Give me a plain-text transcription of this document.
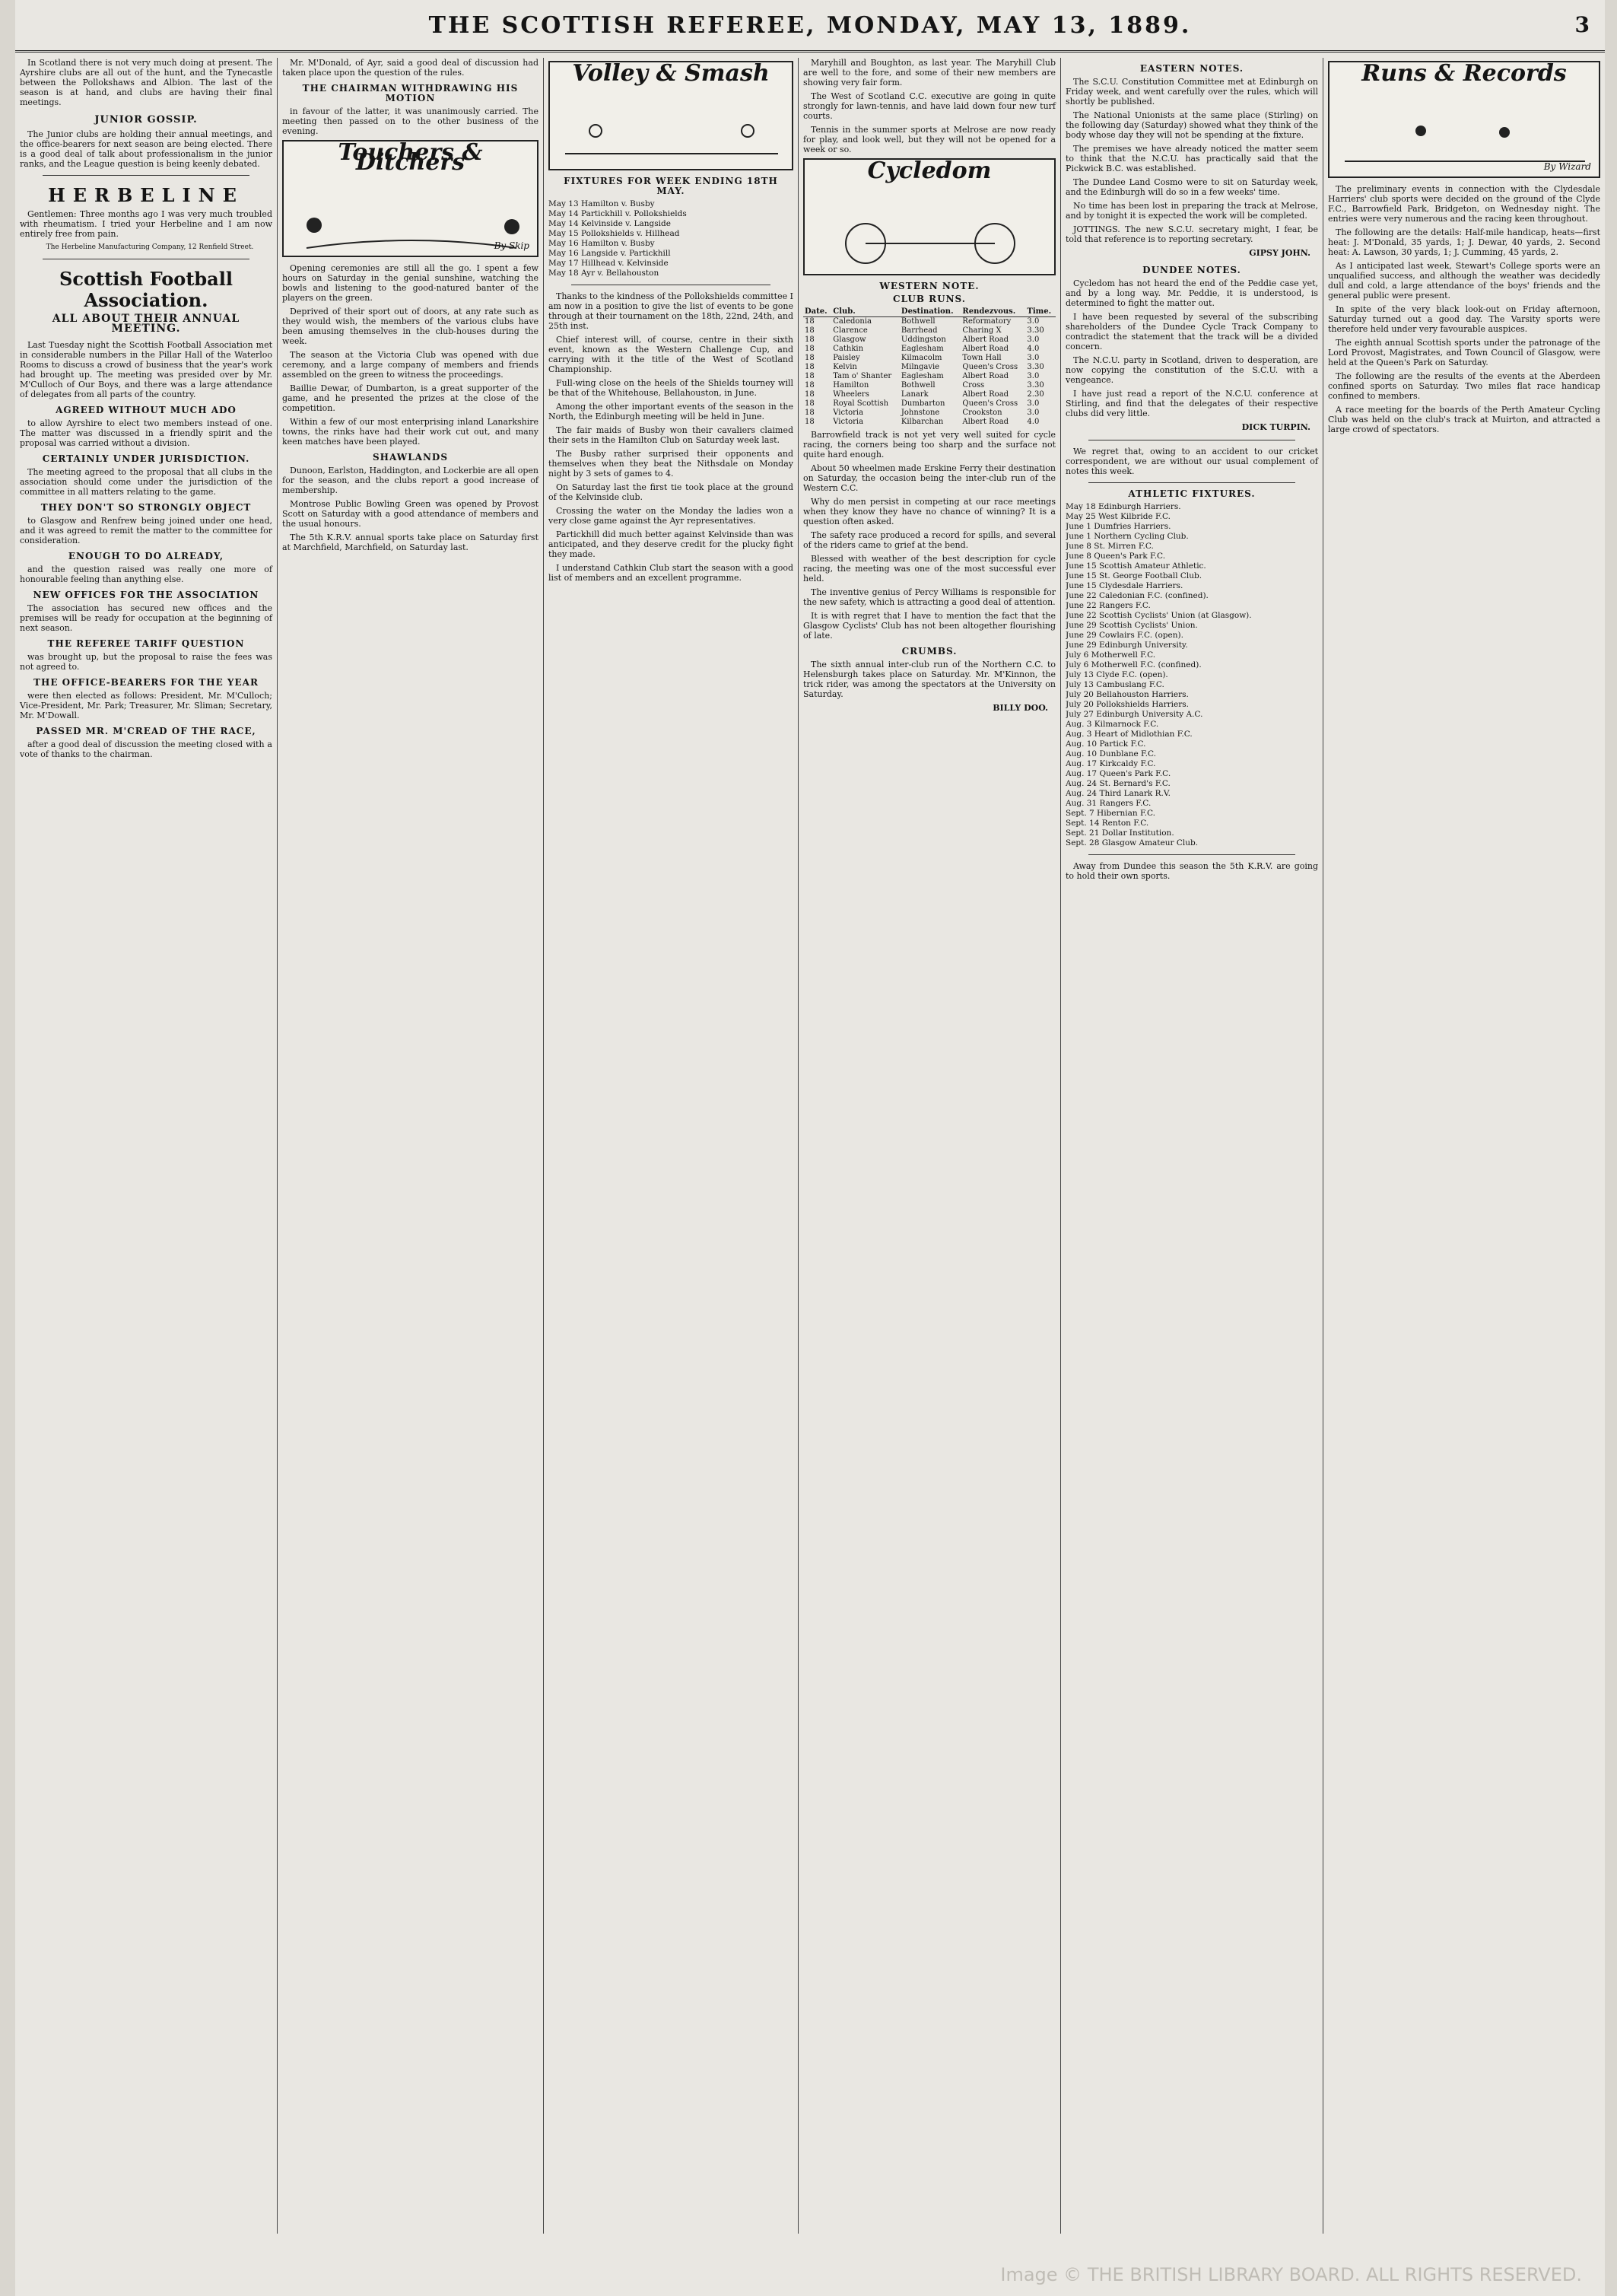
THE SCOTTISH REFEREE, MONDAY, MAY 13, 1889.	3

In Scotland there is not very much doing at present. The Ayrshire clubs are all out of the hunt, and the Tynecastle between the Pollokshaws and Albion. The last of the season is at hand, and clubs are having their final meetings.

JUNIOR GOSSIP.

The Junior clubs are holding their annual meetings, and the office-bearers for next season are being elected. There is a good deal of talk about professionalism in the junior ranks, and the League question is being keenly debated.

HERBELINE

Gentlemen: Three months ago I was very much troubled with rheumatism. I tried your Herbeline and I am now entirely free from pain.

The Herbeline Manufacturing Company, 12 Renfield Street.

Scottish Football Association.
ALL ABOUT THEIR ANNUAL MEETING.

Last Tuesday night the Scottish Football Association met in considerable numbers in the Pillar Hall of the Waterloo Rooms to discuss a crowd of business that the year's work had brought up. The meeting was presided over by Mr. M'Culloch of Our Boys, and there was a large attendance of delegates from all parts of the country.

AGREED WITHOUT MUCH ADO

to allow Ayrshire to elect two members instead of one. The matter was discussed in a friendly spirit and the proposal was carried without a division.

CERTAINLY UNDER JURISDICTION.

The meeting agreed to the proposal that all clubs in the association should come under the jurisdiction of the committee in all matters relating to the game.

THEY DON'T SO STRONGLY OBJECT

to Glasgow and Renfrew being joined under one head, and it was agreed to remit the matter to the committee for consideration.

ENOUGH TO DO ALREADY,

and the question raised was really one more of honourable feeling than anything else.

NEW OFFICES FOR THE ASSOCIATION

The association has secured new offices and the premises will be ready for occupation at the beginning of next season.

THE REFEREE TARIFF QUESTION

was brought up, but the proposal to raise the fees was not agreed to.

THE OFFICE-BEARERS FOR THE YEAR

were then elected as follows: President, Mr. M'Culloch; Vice-President, Mr. Park; Treasurer, Mr. Sliman; Secretary, Mr. M'Dowall.

PASSED MR. M'CREAD OF THE RACE,

after a good deal of discussion the meeting closed with a vote of thanks to the chairman.

Mr. M'Donald, of Ayr, said a good deal of discussion had taken place upon the question of the rules.

THE CHAIRMAN WITHDRAWING HIS MOTION

in favour of the latter, it was unanimously carried. The meeting then passed on to the other business of the evening.

Touchers & Ditchers
By Skip

Opening ceremonies are still all the go. I spent a few hours on Saturday in the genial sunshine, watching the bowls and listening to the good-natured banter of the players on the green.

Deprived of their sport out of doors, at any rate such as they would wish, the members of the various clubs have been amusing themselves in the club-houses during the week.

The season at the Victoria Club was opened with due ceremony, and a large company of members and friends assembled on the green to witness the proceedings.

Baillie Dewar, of Dumbarton, is a great supporter of the game, and he presented the prizes at the close of the competition.

Within a few of our most enterprising inland Lanarkshire towns, the rinks have had their work cut out, and many keen matches have been played.

SHAWLANDS

Dunoon, Earlston, Haddington, and Lockerbie are all open for the season, and the clubs report a good increase of membership.

Montrose Public Bowling Green was opened by Provost Scott on Saturday with a good attendance of members and the usual honours.

The 5th K.R.V. annual sports take place on Saturday first at Marchfield, Marchfield, on Saturday last.

Volley & Smash
FIXTURES FOR WEEK ENDING 18TH MAY.
May 13 Hamilton v. Busby
May 14 Partickhill v. Pollokshields
May 14 Kelvinside v. Langside
May 15 Pollokshields v. Hillhead
May 16 Hamilton v. Busby
May 16 Langside v. Partickhill
May 17 Hillhead v. Kelvinside
May 18 Ayr v. Bellahouston

Thanks to the kindness of the Pollokshields committee I am now in a position to give the list of events to be gone through at their tournament on the 18th, 22nd, 24th, and 25th inst.

Chief interest will, of course, centre in their sixth event, known as the Western Challenge Cup, and carrying with it the title of the West of Scotland Championship.

Full-wing close on the heels of the Shields tourney will be that of the Whitehouse, Bellahouston, in June.

Among the other important events of the season in the North, the Edinburgh meeting will be held in June.

The fair maids of Busby won their cavaliers claimed their sets in the Hamilton Club on Saturday week last.

The Busby rather surprised their opponents and themselves when they beat the Nithsdale on Monday night by 3 sets of games to 4.

On Saturday last the first tie took place at the ground of the Kelvinside club.

Crossing the water on the Monday the ladies won a very close game against the Ayr representatives.

Partickhill did much better against Kelvinside than was anticipated, and they deserve credit for the plucky fight they made.

I understand Cathkin Club start the season with a good list of members and an excellent programme.

Maryhill and Boughton, as last year. The Maryhill Club are well to the fore, and some of their new members are showing very fair form.

The West of Scotland C.C. executive are going in quite strongly for lawn-tennis, and have laid down four new turf courts.

Tennis in the summer sports at Melrose are now ready for play, and look well, but they will not be opened for a week or so.

Cycledom
WESTERN NOTE.
CLUB RUNS.
Date.	Club.	Destination.	Rendezvous.	Time.
18	Caledonia	Bothwell	Reformatory	3.0
18	Clarence	Barrhead	Charing X	3.30
18	Glasgow	Uddingston	Albert Road	3.0
18	Cathkin	Eaglesham	Albert Road	4.0
18	Paisley	Kilmacolm	Town Hall	3.0
18	Kelvin	Milngavie	Queen's Cross	3.30
18	Tam o' Shanter	Eaglesham	Albert Road	3.0
18	Hamilton	Bothwell	Cross	3.30
18	Wheelers	Lanark	Albert Road	2.30
18	Royal Scottish	Dumbarton	Queen's Cross	3.0
18	Victoria	Johnstone	Crookston	3.0
18	Victoria	Kilbarchan	Albert Road	4.0

Barrowfield track is not yet very well suited for cycle racing, the corners being too sharp and the surface not quite hard enough.

About 50 wheelmen made Erskine Ferry their destination on Saturday, the occasion being the inter-club run of the Western C.C.

Why do men persist in competing at our race meetings when they know they have no chance of winning? It is a question often asked.

The safety race produced a record for spills, and several of the riders came to grief at the bend.

Blessed with weather of the best description for cycle racing, the meeting was one of the most successful ever held.

The inventive genius of Percy Williams is responsible for the new safety, which is attracting a good deal of attention.

It is with regret that I have to mention the fact that the Glasgow Cyclists' Club has not been altogether flourishing of late.

CRUMBS.

The sixth annual inter-club run of the Northern C.C. to Helensburgh takes place on Saturday. Mr. M'Kinnon, the trick rider, was among the spectators at the University on Saturday.

BILLY DOO.
EASTERN NOTES.

The S.C.U. Constitution Committee met at Edinburgh on Friday week, and went carefully over the rules, which will shortly be published.

The National Unionists at the same place (Stirling) on the following day (Saturday) showed what they think of the body whose day they will not be spending at the fixture.

The premises we have already noticed the matter seem to think that the N.C.U. has practically said that the Pickwick B.C. was established.

The Dundee Land Cosmo were to sit on Saturday week, and the Edinburgh will do so in a few weeks' time.

No time has been lost in preparing the track at Melrose, and by tonight it is expected the work will be completed.

JOTTINGS. The new S.C.U. secretary might, I fear, be told that reference is to reporting secretary.

GIPSY JOHN.
DUNDEE NOTES.

Cycledom has not heard the end of the Peddie case yet, and by a long way. Mr. Peddie, it is understood, is determined to fight the matter out.

I have been requested by several of the subscribing shareholders of the Dundee Cycle Track Company to contradict the statement that the track will be a divided concern.

The N.C.U. party in Scotland, driven to desperation, are now copying the constitution of the S.C.U. with a vengeance.

I have just read a report of the N.C.U. conference at Stirling, and find that the delegates of their respective clubs did very little.

DICK TURPIN.

We regret that, owing to an accident to our cricket correspondent, we are without our usual complement of notes this week.

ATHLETIC FIXTURES.
May 18 Edinburgh Harriers.
May 25 West Kilbride F.C.
June 1 Dumfries Harriers.
June 1 Northern Cycling Club.
June 8 St. Mirren F.C.
June 8 Queen's Park F.C.
June 15 Scottish Amateur Athletic.
June 15 St. George Football Club.
June 15 Clydesdale Harriers.
June 22 Caledonian F.C. (confined).
June 22 Rangers F.C.
June 22 Scottish Cyclists' Union (at Glasgow).
June 29 Scottish Cyclists' Union.
June 29 Cowlairs F.C. (open).
June 29 Edinburgh University.
July 6 Motherwell F.C.
July 6 Motherwell F.C. (confined).
July 13 Clyde F.C. (open).
July 13 Cambuslang F.C.
July 20 Bellahouston Harriers.
July 20 Pollokshields Harriers.
July 27 Edinburgh University A.C.
Aug. 3 Kilmarnock F.C.
Aug. 3 Heart of Midlothian F.C.
Aug. 10 Partick F.C.
Aug. 10 Dunblane F.C.
Aug. 17 Kirkcaldy F.C.
Aug. 17 Queen's Park F.C.
Aug. 24 St. Bernard's F.C.
Aug. 24 Third Lanark R.V.
Aug. 31 Rangers F.C.
Sept. 7 Hibernian F.C.
Sept. 14 Renton F.C.
Sept. 21 Dollar Institution.
Sept. 28 Glasgow Amateur Club.

Away from Dundee this season the 5th K.R.V. are going to hold their own sports.

Runs & Records
By Wizard

The preliminary events in connection with the Clydesdale Harriers' club sports were decided on the ground of the Clyde F.C., Barrowfield Park, Bridgeton, on Wednesday night. The entries were very numerous and the racing keen throughout.

The following are the details: Half-mile handicap, heats—first heat: J. M'Donald, 35 yards, 1; J. Dewar, 40 yards, 2. Second heat: A. Lawson, 30 yards, 1; J. Cumming, 45 yards, 2.

As I anticipated last week, Stewart's College sports were an unqualified success, and although the weather was decidedly dull and cold, a large attendance of the boys' friends and the general public were present.

In spite of the very black look-out on Friday afternoon, Saturday turned out a good day. The Varsity sports were therefore held under very favourable auspices.

The eighth annual Scottish sports under the patronage of the Lord Provost, Magistrates, and Town Council of Glasgow, were held at the Queen's Park on Saturday.

The following are the results of the events at the Aberdeen confined sports on Saturday. Two miles flat race handicap confined to members.

A race meeting for the boards of the Perth Amateur Cycling Club was held on the club's track at Muirton, and attracted a large crowd of spectators.

Image © THE BRITISH LIBRARY BOARD. ALL RIGHTS RESERVED.
